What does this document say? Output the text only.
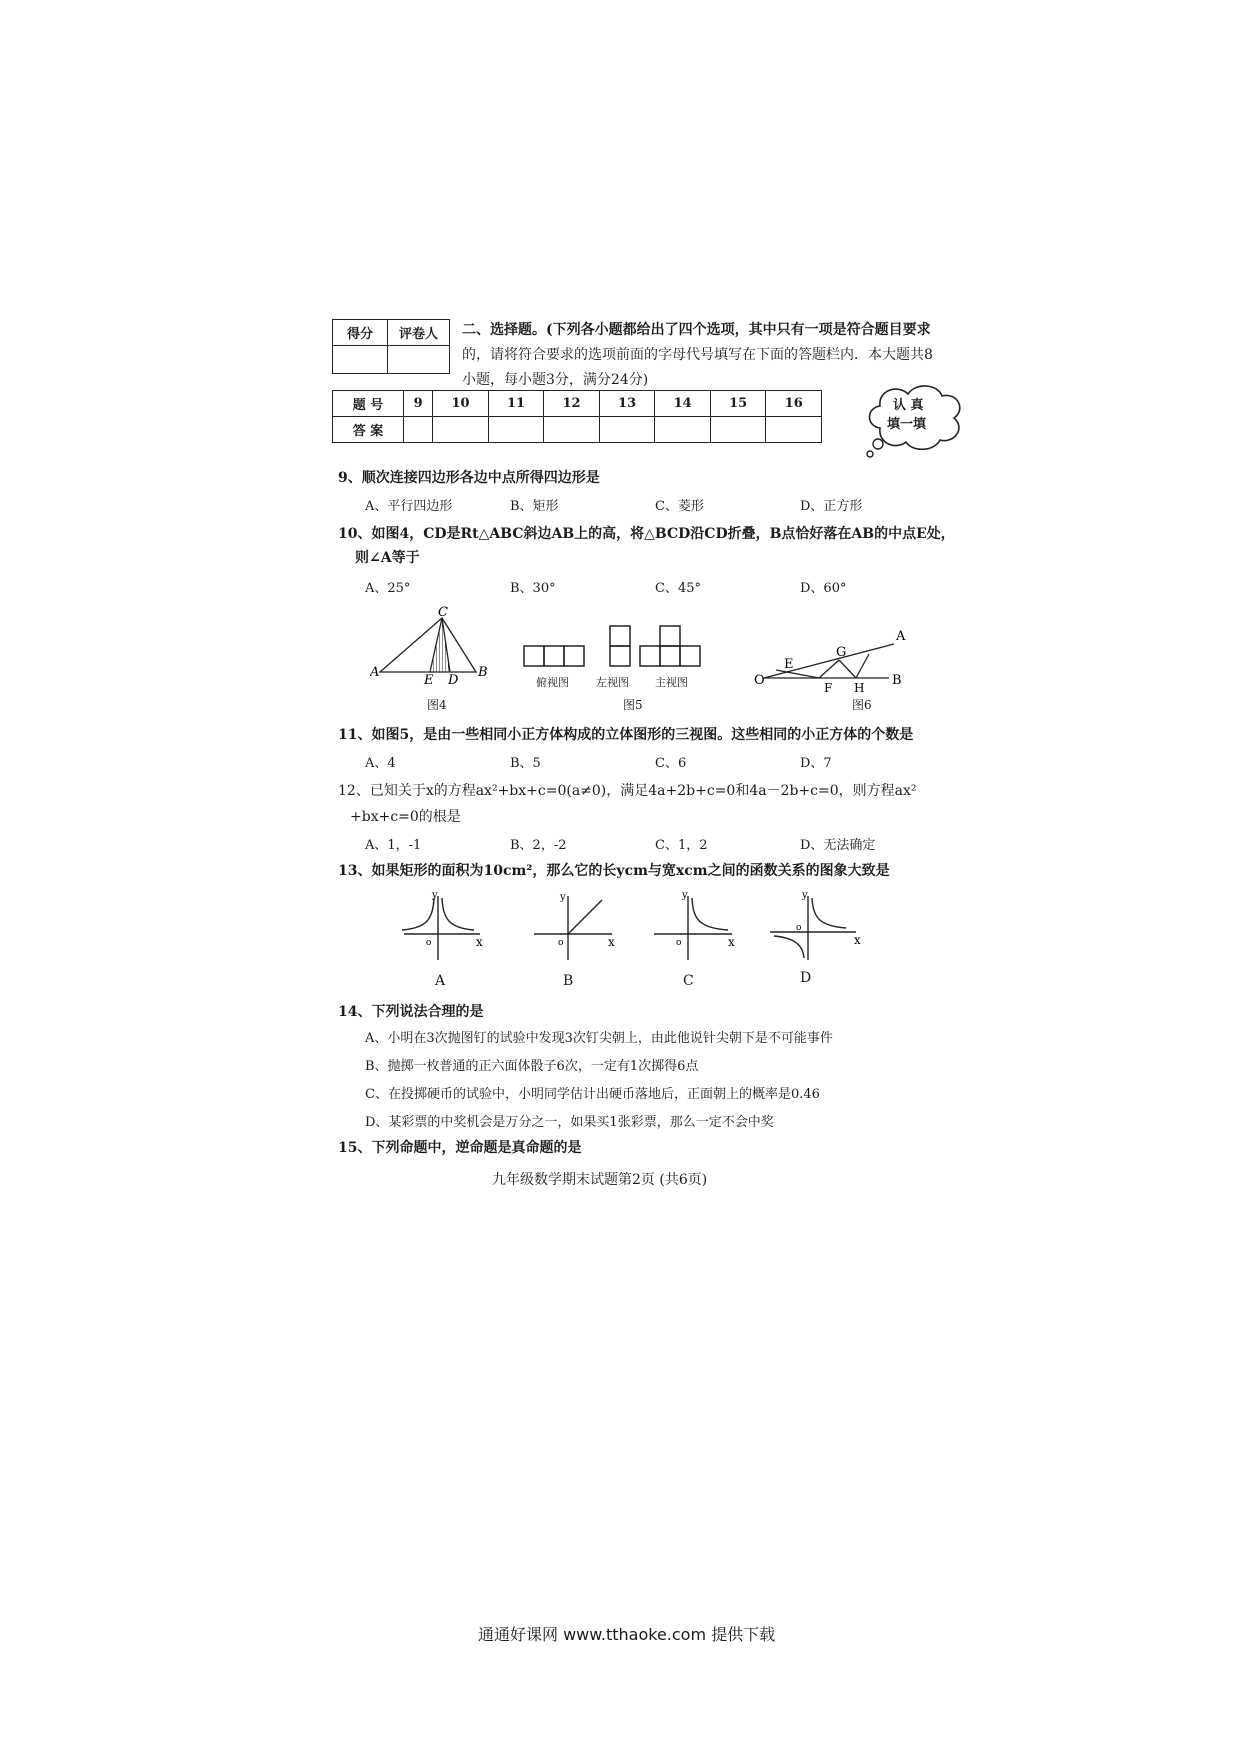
得分	评卷人
	二、选择题。(下列各小题都给出了四个选项，其中只有一项是符合题目要求
的，请将符合要求的选项前面的字母代号填写在下面的答题栏内．本大题共8
小题，每小题3分，满分24分)
题 号	9	10	11	12	13	14	15	16
答 案								
认 真
填一填
9、顺次连接四边形各边中点所得四边形是
A、平行四边形	B、矩形	C、菱形	D、正方形
10、如图4，CD是Rt△ABC斜边AB上的高，将△BCD沿CD折叠，B点恰好落在AB的中点E处，
则∠A等于
A、25°	B、30°	C、45°	D、60°
A	B
C
D
E
图4
俯视图 左视图 主视图
图5
O
A
B
E
G
F H
图6
11、如图5，是由一些相同小正方体构成的立体图形的三视图。这些相同的小正方体的个数是
A、4	B、5	C、6	D、7
12、已知关于x的方程ax²+bx+c=0(a≠0)，满足4a+2b+c=0和4a－2b+c=0，则方程ax²
+bx+c=0的根是
A、1，-1	B、2，-2	C、1，2	D、无法确定
13、如果矩形的面积为10cm²，那么它的长ycm与宽xcm之间的函数关系的图象大致是
y
x
o
A
y
x
o
B
y
x
o
C
y
x
o
D
14、下列说法合理的是
A、小明在3次抛图钉的试验中发现3次钉尖朝上，由此他说针尖朝下是不可能事件
B、抛掷一枚普通的正六面体骰子6次，一定有1次掷得6点
C、在投掷硬币的试验中，小明同学估计出硬币落地后，正面朝上的概率是0.46
D、某彩票的中奖机会是万分之一，如果买1张彩票，那么一定不会中奖
15、下列命题中，逆命题是真命题的是
九年级数学期末试题第2页 (共6页)
通通好课网 www.tthaoke.com 提供下载
